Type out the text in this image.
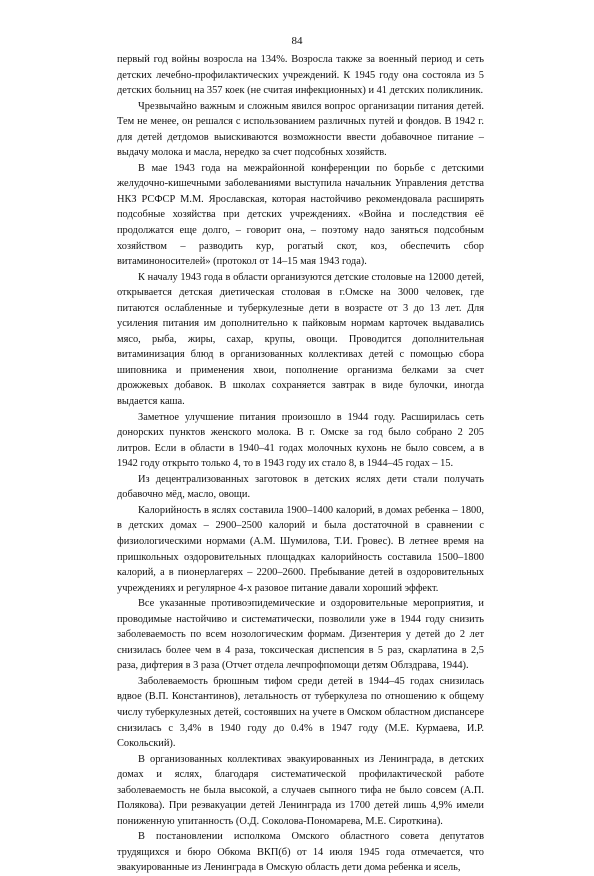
84

первый год войны возросла на 134%. Возросла также за военный период и сеть детских лечебно-профилактических учреждений. К 1945 году она состояла из 5 детских больниц на 357 коек (не считая инфекционных) и 41 детских поликлиник.

Чрезвычайно важным и сложным явился вопрос организации питания детей. Тем не менее, он решался с использованием различных путей и фондов. В 1942 г. для детей детдомов выискиваются возможности ввести добавочное питание – выдачу молока и масла, нередко за счет подсобных хозяйств.

В мае 1943 года на межрайонной конференции по борьбе с детскими желудочно-кишечными заболеваниями выступила начальник Управления детства НКЗ РСФСР М.М. Ярославская, которая настойчиво рекомендовала расширять подсобные хозяйства при детских учреждениях. «Война и последствия её продолжатся еще долго, – говорит она, – поэтому надо заняться подсобным хозяйством – разводить кур, рогатый скот, коз, обеспечить сбор витаминоносителей» (протокол от 14–15 мая 1943 года).

К началу 1943 года в области организуются детские столовые на 12000 детей, открывается детская диетическая столовая в г.Омске на 3000 человек, где питаются ослабленные и туберкулезные дети в возрасте от 3 до 13 лет. Для усиления питания им дополнительно к пайковым нормам карточек выдавались мясо, рыба, жиры, сахар, крупы, овощи. Проводится дополнительная витаминизация блюд в организованных коллективах детей с помощью сбора шиповника и применения хвои, пополнение организма белками за счет дрожжевых добавок. В школах сохраняется завтрак в виде булочки, иногда выдается каша.

Заметное улучшение питания произошло в 1944 году. Расширилась сеть донорских пунктов женского молока. В г. Омске за год было собрано 2 205 литров. Если в области в 1940–41 годах молочных кухонь не было совсем, а в 1942 году открыто только 4, то в 1943 году их стало 8, в 1944–45 годах – 15.

Из децентрализованных заготовок в детских яслях дети стали получать добавочно мёд, масло, овощи.

Калорийность в яслях составила 1900–1400 калорий, в домах ребенка – 1800, в детских домах – 2900–2500 калорий и была достаточной в сравнении с физиологическими нормами (А.М. Шумилова, Т.И. Гровес). В летнее время на пришкольных оздоровительных площадках калорийность составила 1500–1800 калорий, а в пионерлагерях – 2200–2600. Пребывание детей в оздоровительных учреждениях и регулярное 4-х разовое питание давали хороший эффект.

Все указанные противоэпидемические и оздоровительные мероприятия, и проводимые настойчиво и систематически, позволили уже в 1944 году снизить заболеваемость по всем нозологическим формам. Дизентерия у детей до 2 лет снизилась более чем в 4 раза, токсическая диспепсия в 5 раз, скарлатина в 2,5 раза, дифтерия в 3 раза (Отчет отдела лечпрофпомощи детям Облздрава, 1944).

Заболеваемость брюшным тифом среди детей в 1944–45 годах снизилась вдвое (В.П. Константинов), летальность от туберкулеза по отношению к общему числу туберкулезных детей, состоявших на учете в Омском областном диспансере снизилась с 3,4% в 1940 году до 0.4% в 1947 году (М.Е. Курмаева, И.Р. Сокольский).

В организованных коллективах эвакуированных из Ленинграда, в детских домах и яслях, благодаря систематической профилактической работе заболеваемость не была высокой, а случаев сыпного тифа не было совсем (А.П. Полякова). При реэвакуации детей Ленинграда из 1700 детей лишь 4,9% имели пониженную упитанность (О.Д. Соколова-Пономарева, М.Е. Сироткина).

В постановлении исполкома Омского областного совета депутатов трудящихся и бюро Обкома ВКП(б) от 14 июля 1945 года отмечается, что эвакуированные из Ленинграда в Омскую область дети дома ребенка и ясель,
